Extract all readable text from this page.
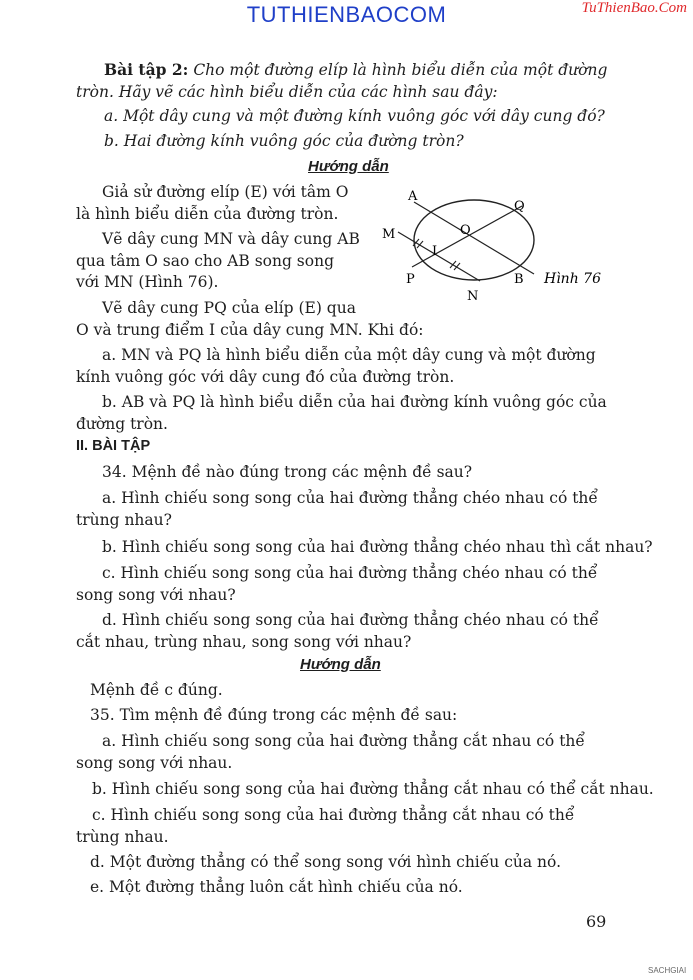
TUTHIENBAOCOM	TuThienBao.Com
Bài tập 2: Cho một đường elíp là hình biểu diễn của một đường
tròn. Hãy vẽ các hình biểu diễn của các hình sau đây:
a. Một dây cung và một đường kính vuông góc với dây cung đó?
b. Hai đường kính vuông góc của đường tròn?
Hướng dẫn
Giả sử đường elíp (E) với tâm O
là hình biểu diễn của đường tròn.
Vẽ dây cung MN và dây cung AB
qua tâm O sao cho AB song song
với MN (Hình 76).
Vẽ dây cung PQ của elíp (E) qua
O và trung điểm I của dây cung MN. Khi đó:
a. MN và PQ là hình biểu diễn của một dây cung và một đường
kính vuông góc với dây cung đó của đường tròn.
b. AB và PQ là hình biểu diễn của hai đường kính vuông góc của
đường tròn.
A
Q
M	O
I
P	B
N
Hình 76
II. BÀI TẬP
34. Mệnh đề nào đúng trong các mệnh đề sau?
a. Hình chiếu song song của hai đường thẳng chéo nhau có thể
trùng nhau?
b. Hình chiếu song song của hai đường thẳng chéo nhau thì cắt nhau?
c. Hình chiếu song song của hai đường thẳng chéo nhau có thể
song song với nhau?
d. Hình chiếu song song của hai đường thẳng chéo nhau có thể
cắt nhau, trùng nhau, song song với nhau?
Hướng dẫn
Mệnh đề c đúng.
35. Tìm mệnh đề đúng trong các mệnh đề sau:
a. Hình chiếu song song của hai đường thẳng cắt nhau có thể
song song với nhau.
b. Hình chiếu song song của hai đường thẳng cắt nhau có thể cắt nhau.
c. Hình chiếu song song của hai đường thẳng cắt nhau có thể
trùng nhau.
d. Một đường thẳng có thể song song với hình chiếu của nó.
e. Một đường thẳng luôn cắt hình chiếu của nó.
69
SACHGIAI
